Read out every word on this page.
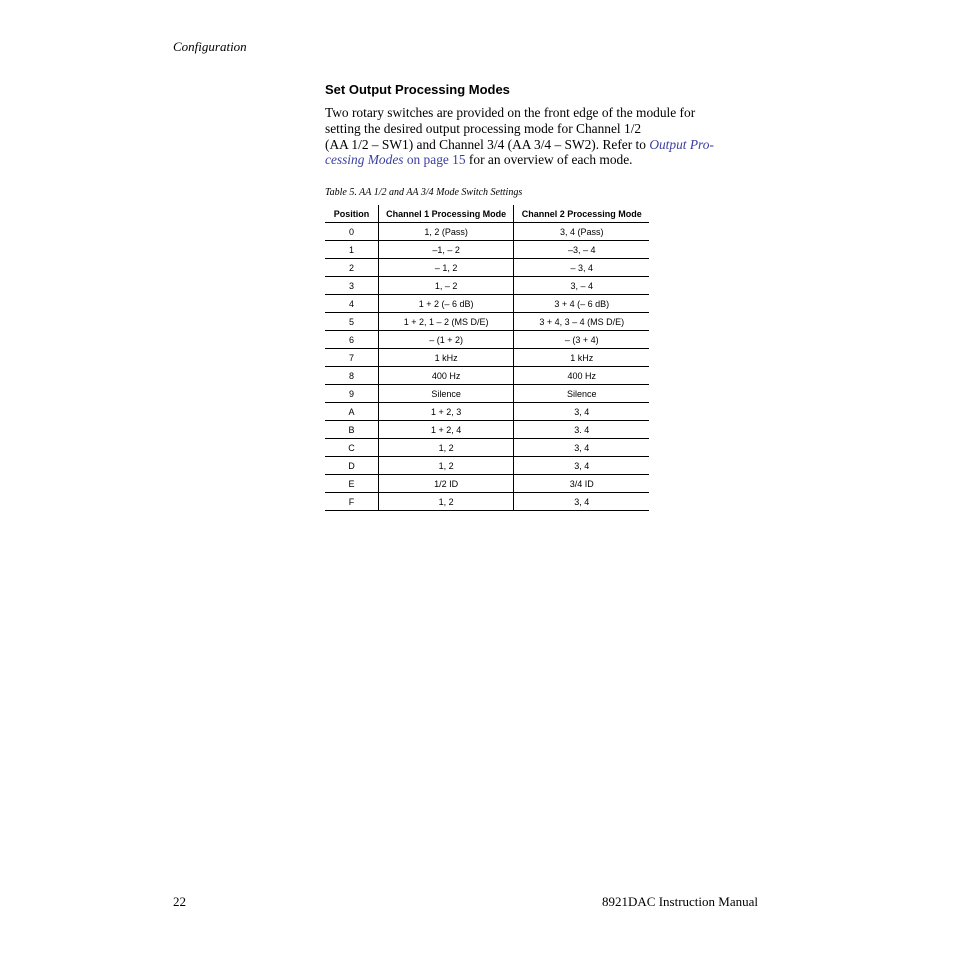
Configuration
Set Output Processing Modes
Two rotary switches are provided on the front edge of the module for
setting the desired output processing mode for Channel 1/2
(AA 1/2 – SW1) and Channel 3/4 (AA 3/4 – SW2). Refer to Output Pro-
cessing Modes on page 15 for an overview of each mode.
Table 5. AA 1/2 and AA 3/4 Mode Switch Settings
Position	Channel 1 Processing Mode	Channel 2 Processing Mode
0	1, 2 (Pass)	3, 4 (Pass)
1	–1, – 2	–3, – 4
2	– 1, 2	– 3, 4
3	1, – 2	3, – 4
4	1 + 2 (– 6 dB)	3 + 4 (– 6 dB)
5	1 + 2, 1 – 2 (MS D/E)	3 + 4, 3 – 4 (MS D/E)
6	– (1 + 2)	– (3 + 4)
7	1 kHz	1 kHz
8	400 Hz	400 Hz
9	Silence	Silence
A	1 + 2, 3	3, 4
B	1 + 2, 4	3. 4
C	1, 2	3, 4
D	1, 2	3, 4
E	1/2 ID	3/4 ID
F	1, 2	3, 4
22	8921DAC Instruction Manual
